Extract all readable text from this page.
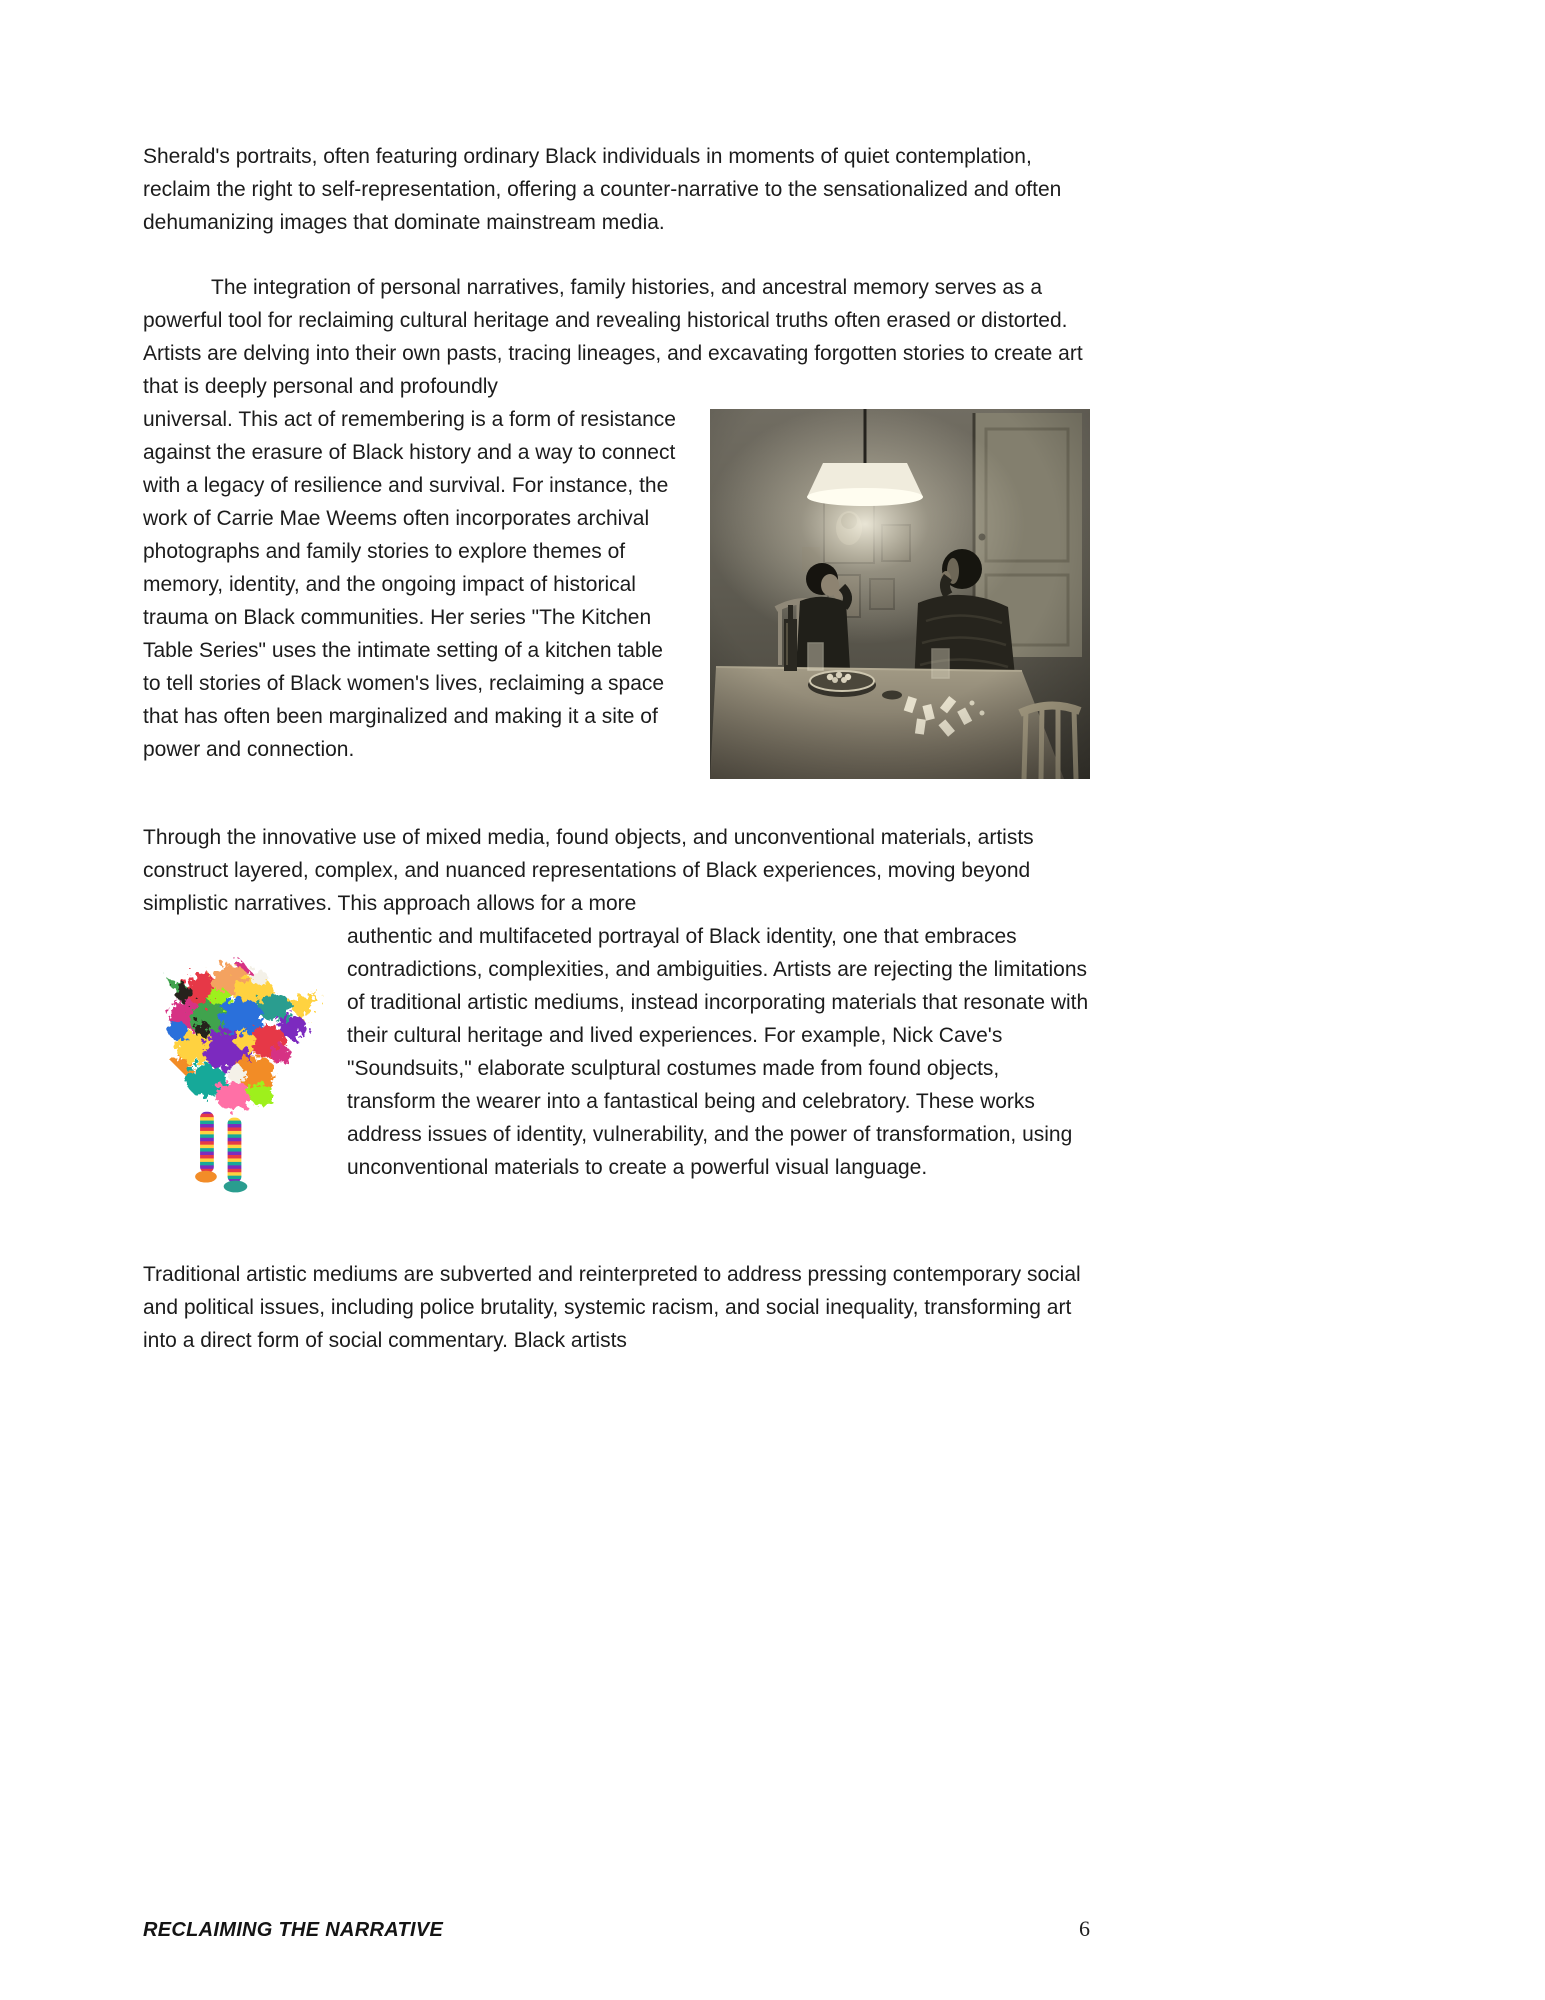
Sherald's portraits, often featuring ordinary Black individuals in moments of quiet contemplation, reclaim the right to self-representation, offering a counter-narrative to the sensationalized and often dehumanizing images that dominate mainstream media.

The integration of personal narratives, family histories, and ancestral memory serves as a powerful tool for reclaiming cultural heritage and revealing historical truths often erased or distorted. Artists are delving into their own pasts, tracing lineages, and excavating forgotten stories to create art that is deeply personal and profoundly

universal. This act of remembering is a form of resistance against the erasure of Black history and a way to connect with a legacy of resilience and survival. For instance, the work of Carrie Mae Weems often incorporates archival photographs and family stories to explore themes of memory, identity, and the ongoing impact of historical trauma on Black communities. Her series "The Kitchen Table Series" uses the intimate setting of a kitchen table to tell stories of Black women's lives, reclaiming a space that has often been marginalized and making it a site of power and connection.

Through the innovative use of mixed media, found objects, and unconventional materials, artists construct layered, complex, and nuanced representations of Black experiences, moving beyond simplistic narratives. This approach allows for a more

authentic and multifaceted portrayal of Black identity, one that embraces contradictions, complexities, and ambiguities. Artists are rejecting the limitations of traditional artistic mediums, instead incorporating materials that resonate with their cultural heritage and lived experiences. For example, Nick Cave's "Soundsuits," elaborate sculptural costumes made from found objects, transform the wearer into a fantastical being and celebratory. These works address issues of identity, vulnerability, and the power of transformation, using unconventional materials to create a powerful visual language.

Traditional artistic mediums are subverted and reinterpreted to address pressing contemporary social and political issues, including police brutality, systemic racism, and social inequality, transforming art into a direct form of social commentary. Black artists

RECLAIMING THE NARRATIVE	6
